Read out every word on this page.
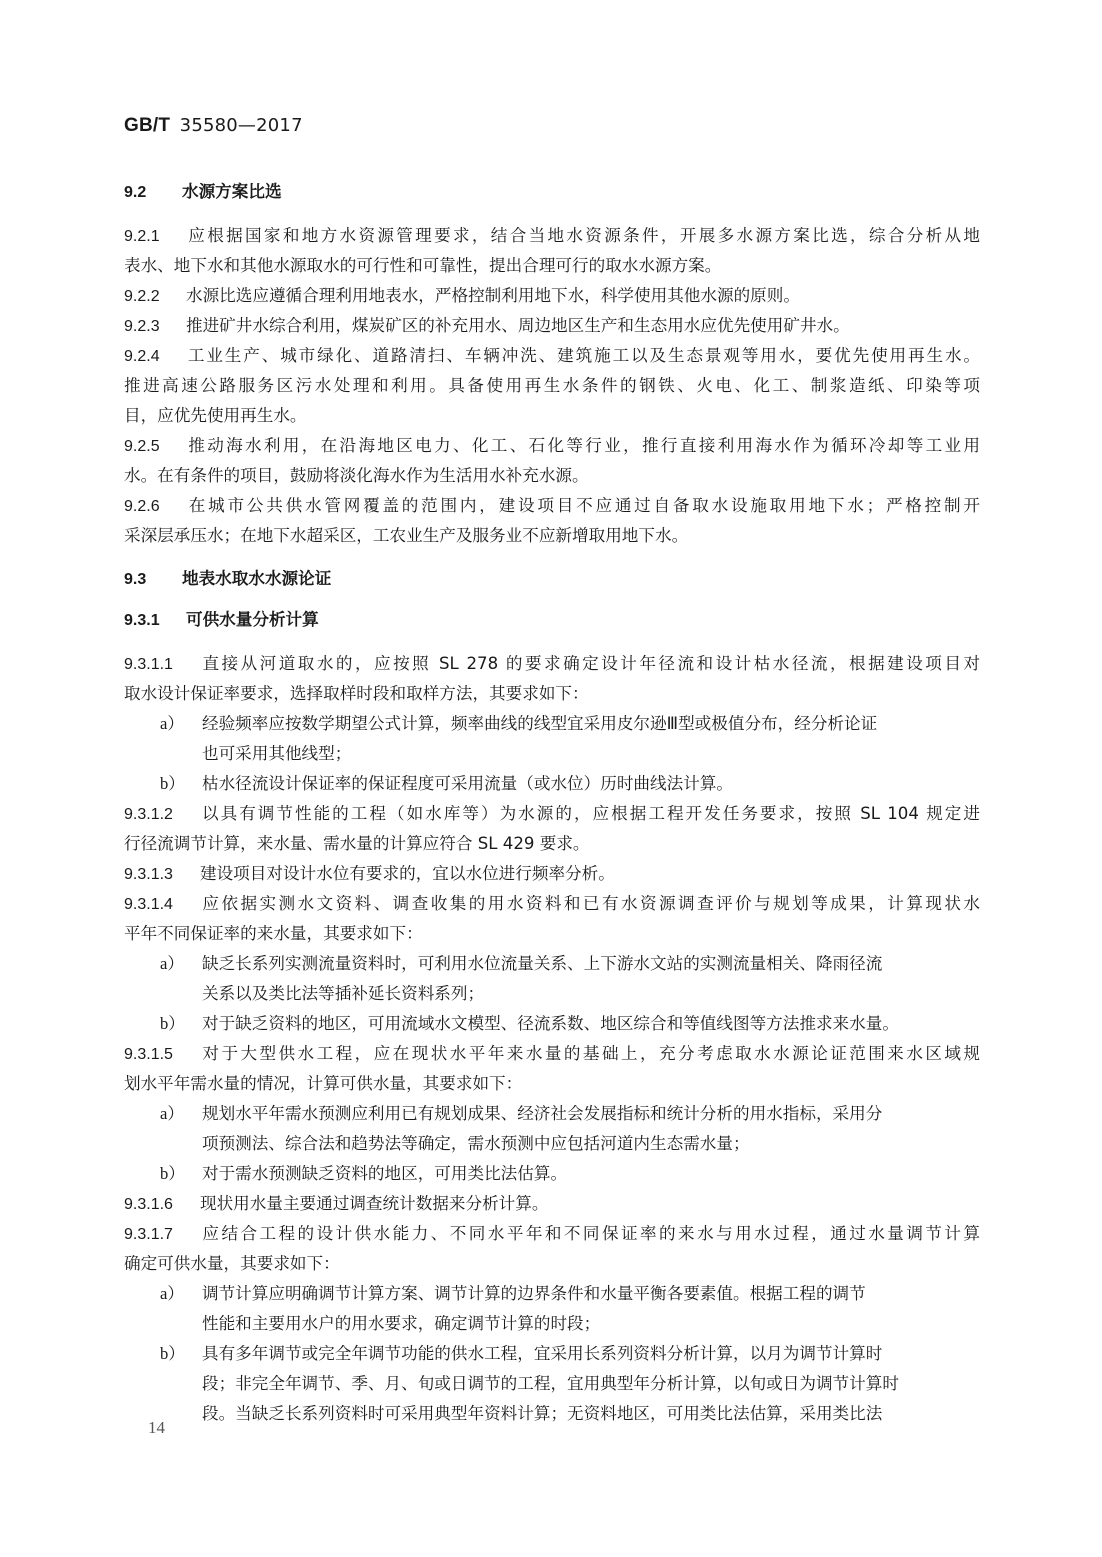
GB/T 35580—2017
9.2 水源方案比选
9.2.1 应根据国家和地方水资源管理要求，结合当地水资源条件，开展多水源方案比选，综合分析从地
表水、地下水和其他水源取水的可行性和可靠性，提出合理可行的取水水源方案。
9.2.2 水源比选应遵循合理利用地表水，严格控制利用地下水，科学使用其他水源的原则。
9.2.3 推进矿井水综合利用，煤炭矿区的补充用水、周边地区生产和生态用水应优先使用矿井水。
9.2.4 工业生产、城市绿化、道路清扫、车辆冲洗、建筑施工以及生态景观等用水，要优先使用再生水。
推进高速公路服务区污水处理和利用。具备使用再生水条件的钢铁、火电、化工、制浆造纸、印染等项
目，应优先使用再生水。
9.2.5 推动海水利用，在沿海地区电力、化工、石化等行业，推行直接利用海水作为循环冷却等工业用
水。在有条件的项目，鼓励将淡化海水作为生活用水补充水源。
9.2.6 在城市公共供水管网覆盖的范围内，建设项目不应通过自备取水设施取用地下水；严格控制开
采深层承压水；在地下水超采区，工农业生产及服务业不应新增取用地下水。
9.3 地表水取水水源论证
9.3.1 可供水量分析计算
9.3.1.1 直接从河道取水的，应按照 SL 278 的要求确定设计年径流和设计枯水径流，根据建设项目对
取水设计保证率要求，选择取样时段和取样方法，其要求如下：
a） 经验频率应按数学期望公式计算，频率曲线的线型宜采用皮尔逊Ⅲ型或极值分布，经分析论证
也可采用其他线型；
b） 枯水径流设计保证率的保证程度可采用流量（或水位）历时曲线法计算。
9.3.1.2 以具有调节性能的工程（如水库等）为水源的，应根据工程开发任务要求，按照 SL 104 规定进
行径流调节计算，来水量、需水量的计算应符合 SL 429 要求。
9.3.1.3 建设项目对设计水位有要求的，宜以水位进行频率分析。
9.3.1.4 应依据实测水文资料、调查收集的用水资料和已有水资源调查评价与规划等成果，计算现状水
平年不同保证率的来水量，其要求如下：
a） 缺乏长系列实测流量资料时，可利用水位流量关系、上下游水文站的实测流量相关、降雨径流
关系以及类比法等插补延长资料系列；
b） 对于缺乏资料的地区，可用流域水文模型、径流系数、地区综合和等值线图等方法推求来水量。
9.3.1.5 对于大型供水工程，应在现状水平年来水量的基础上，充分考虑取水水源论证范围来水区域规
划水平年需水量的情况，计算可供水量，其要求如下：
a） 规划水平年需水预测应利用已有规划成果、经济社会发展指标和统计分析的用水指标，采用分
项预测法、综合法和趋势法等确定，需水预测中应包括河道内生态需水量；
b） 对于需水预测缺乏资料的地区，可用类比法估算。
9.3.1.6 现状用水量主要通过调查统计数据来分析计算。
9.3.1.7 应结合工程的设计供水能力、不同水平年和不同保证率的来水与用水过程，通过水量调节计算
确定可供水量，其要求如下：
a） 调节计算应明确调节计算方案、调节计算的边界条件和水量平衡各要素值。根据工程的调节
性能和主要用水户的用水要求，确定调节计算的时段；
b） 具有多年调节或完全年调节功能的供水工程，宜采用长系列资料分析计算，以月为调节计算时
段；非完全年调节、季、月、旬或日调节的工程，宜用典型年分析计算，以旬或日为调节计算时
段。当缺乏长系列资料时可采用典型年资料计算；无资料地区，可用类比法估算，采用类比法
14
